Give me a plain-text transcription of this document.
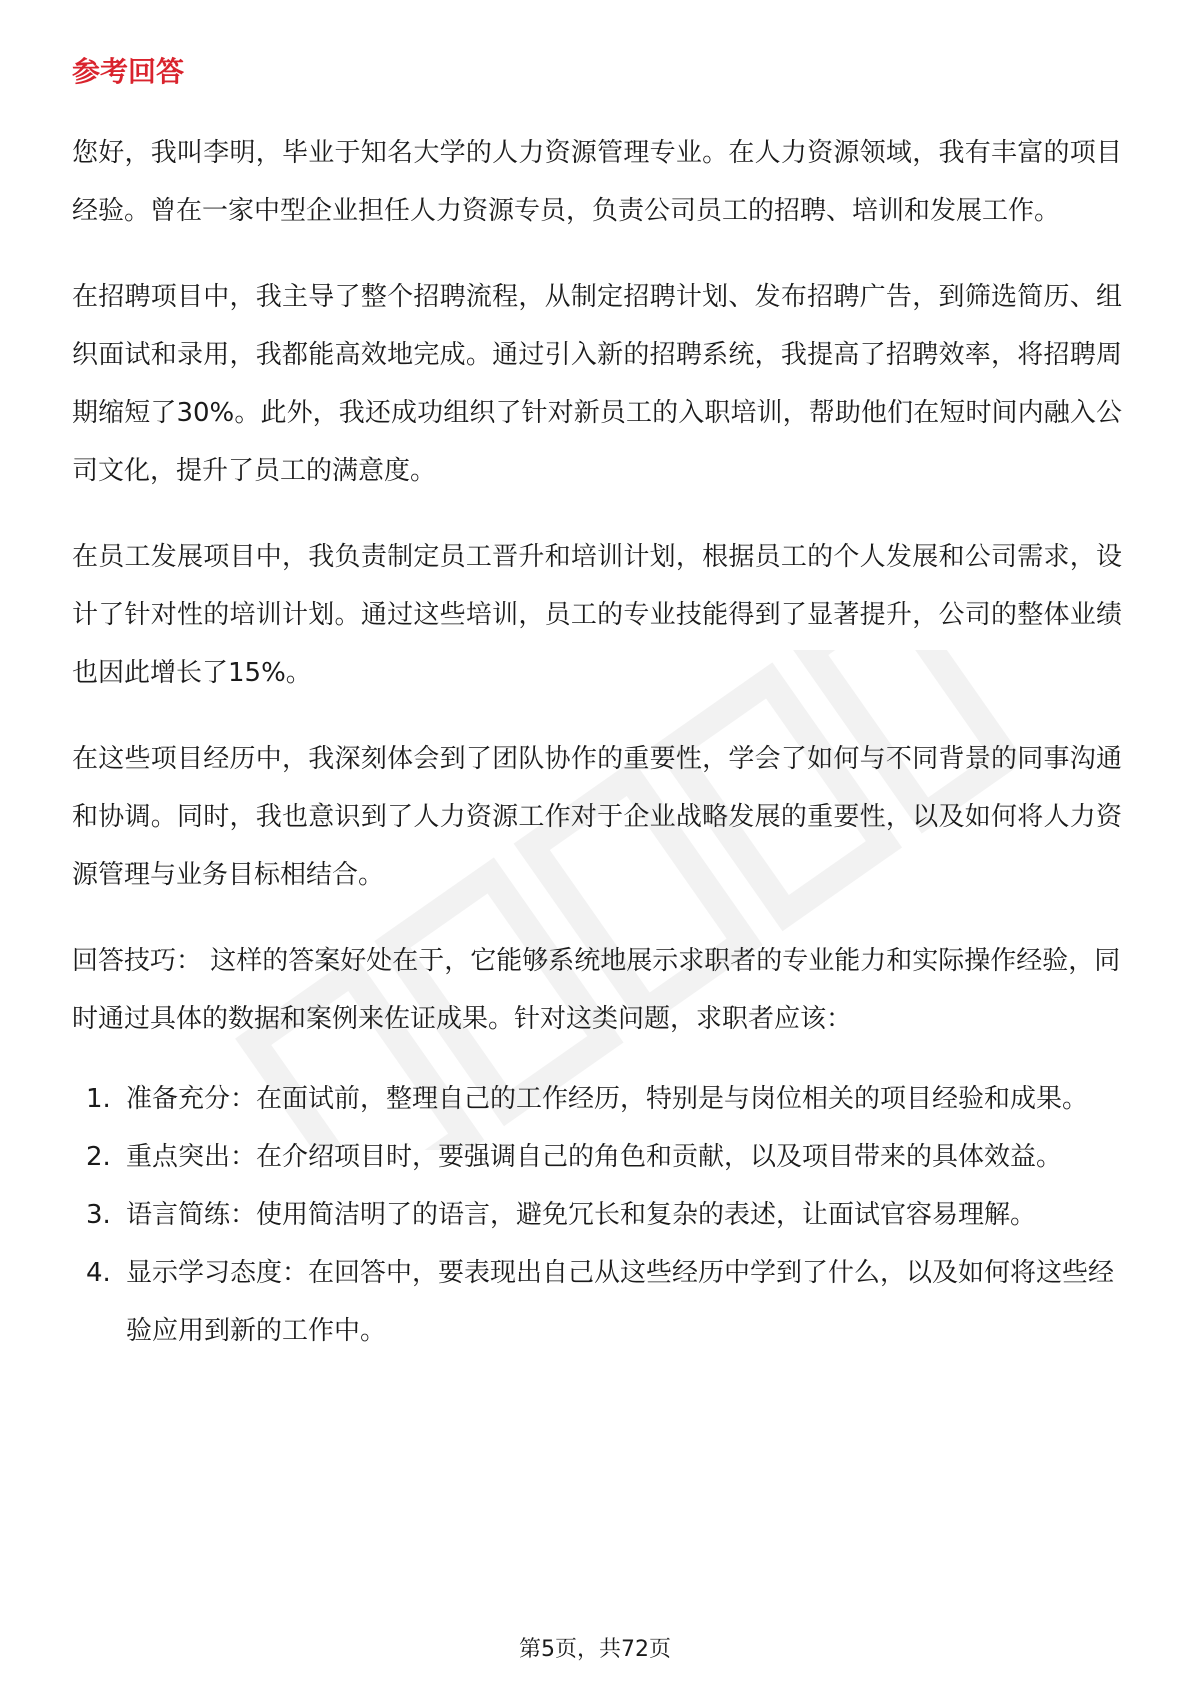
参考回答

您好，我叫李明，毕业于知名大学的人力资源管理专业。在人力资源领域，我有丰富的项目经验。曾在一家中型企业担任人力资源专员，负责公司员工的招聘、培训和发展工作。

在招聘项目中，我主导了整个招聘流程，从制定招聘计划、发布招聘广告，到筛选简历、组织面试和录用，我都能高效地完成。通过引入新的招聘系统，我提高了招聘效率，将招聘周期缩短了30%。此外，我还成功组织了针对新员工的入职培训，帮助他们在短时间内融入公司文化，提升了员工的满意度。

在员工发展项目中，我负责制定员工晋升和培训计划，根据员工的个人发展和公司需求，设计了针对性的培训计划。通过这些培训，员工的专业技能得到了显著提升，公司的整体业绩也因此增长了15%。

在这些项目经历中，我深刻体会到了团队协作的重要性，学会了如何与不同背景的同事沟通和协调。同时，我也意识到了人力资源工作对于企业战略发展的重要性，以及如何将人力资源管理与业务目标相结合。

回答技巧： 这样的答案好处在于，它能够系统地展示求职者的专业能力和实际操作经验，同时通过具体的数据和案例来佐证成果。针对这类问题，求职者应该：

1. 准备充分：在面试前，整理自己的工作经历，特别是与岗位相关的项目经验和成果。
2. 重点突出：在介绍项目时，要强调自己的角色和贡献，以及项目带来的具体效益。
3. 语言简练：使用简洁明了的语言，避免冗长和复杂的表述，让面试官容易理解。
4. 显示学习态度：在回答中，要表现出自己从这些经历中学到了什么，以及如何将这些经验应用到新的工作中。
第5页，共72页
